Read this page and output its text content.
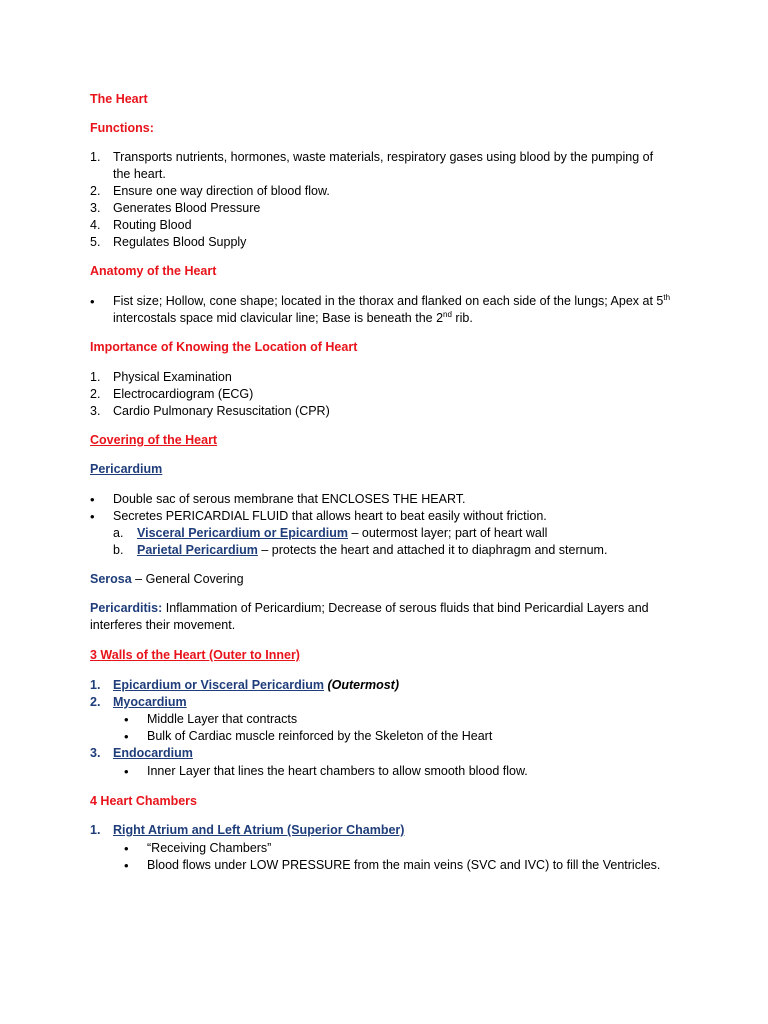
The Heart
Functions:
1. Transports nutrients, hormones, waste materials, respiratory gases using blood by the pumping of
the heart.
2. Ensure one way direction of blood flow.
3. Generates Blood Pressure
4. Routing Blood
5. Regulates Blood Supply
Anatomy of the Heart
• Fist size; Hollow, cone shape; located in the thorax and flanked on each side of the lungs; Apex at 5th
intercostals space mid clavicular line; Base is beneath the 2nd rib.
Importance of Knowing the Location of Heart
1. Physical Examination
2. Electrocardiogram (ECG)
3. Cardio Pulmonary Resuscitation (CPR)
Covering of the Heart
Pericardium
• Double sac of serous membrane that ENCLOSES THE HEART.
• Secretes PERICARDIAL FLUID that allows heart to beat easily without friction.
a. Visceral Pericardium or Epicardium – outermost layer; part of heart wall
b. Parietal Pericardium – protects the heart and attached it to diaphragm and sternum.
Serosa – General Covering
Pericarditis: Inflammation of Pericardium; Decrease of serous fluids that bind Pericardial Layers and
interferes their movement.
3 Walls of the Heart (Outer to Inner)
1. Epicardium or Visceral Pericardium (Outermost)
2. Myocardium
• Middle Layer that contracts
• Bulk of Cardiac muscle reinforced by the Skeleton of the Heart
3. Endocardium
• Inner Layer that lines the heart chambers to allow smooth blood flow.
4 Heart Chambers
1. Right Atrium and Left Atrium (Superior Chamber)
• “Receiving Chambers”
• Blood flows under LOW PRESSURE from the main veins (SVC and IVC) to fill the Ventricles.
